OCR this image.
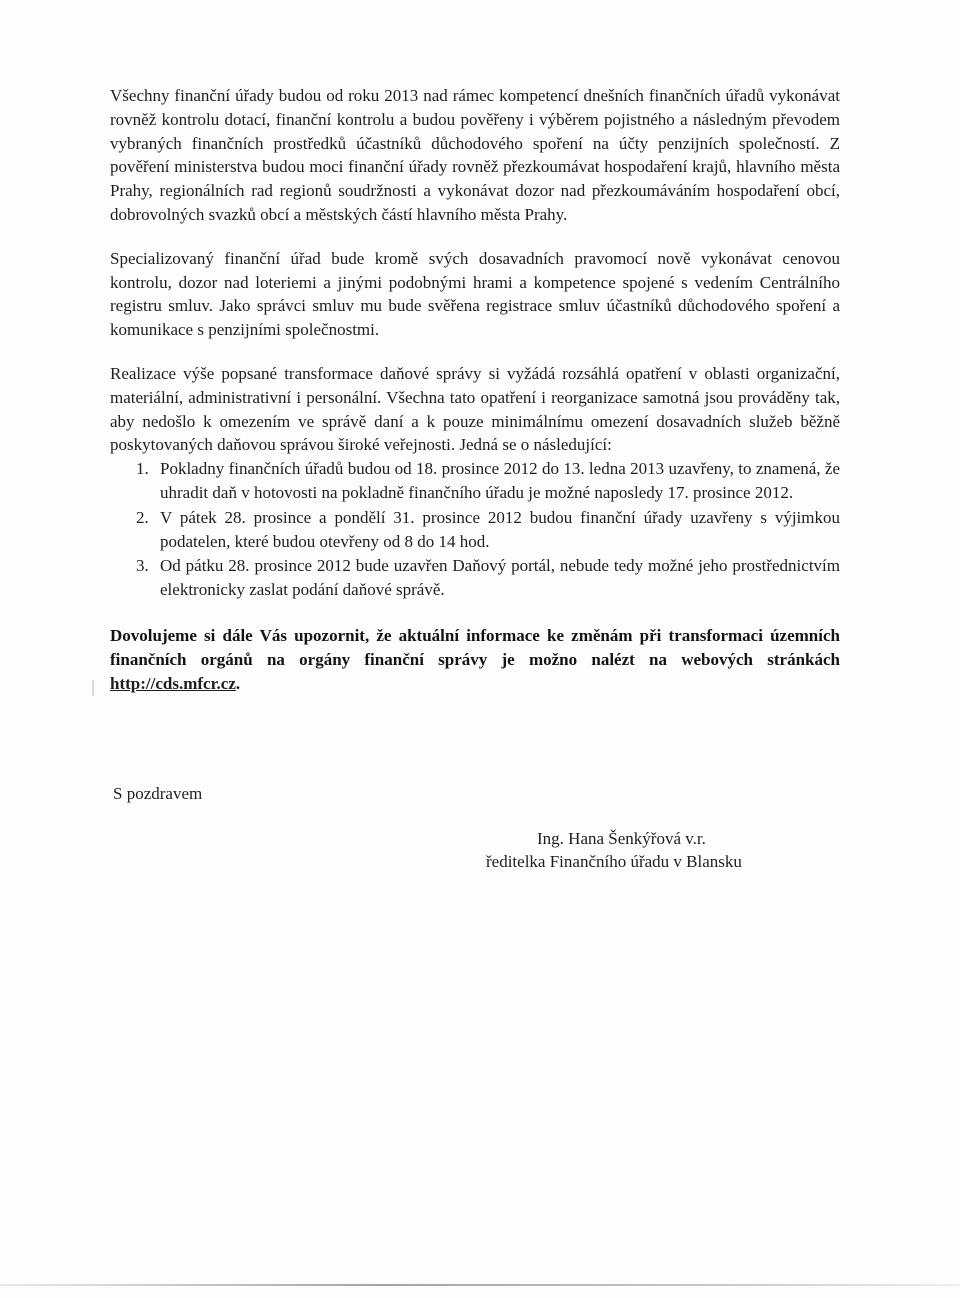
Všechny finanční úřady budou od roku 2013 nad rámec kompetencí dnešních finančních úřadů vykonávat rovněž kontrolu dotací, finanční kontrolu a budou pověřeny i výběrem pojistného a následným převodem vybraných finančních prostředků účastníků důchodového spoření na účty penzijních společností. Z pověření ministerstva budou moci finanční úřady rovněž přezkoumávat hospodaření krajů, hlavního města Prahy, regionálních rad regionů soudržnosti a vykonávat dozor nad přezkoumáváním hospodaření obcí, dobrovolných svazků obcí a městských částí hlavního města Prahy.

Specializovaný finanční úřad bude kromě svých dosavadních pravomocí nově vykonávat cenovou kontrolu, dozor nad loteriemi a jinými podobnými hrami a kompetence spojené s vedením Centrálního registru smluv. Jako správci smluv mu bude svěřena registrace smluv účastníků důchodového spoření a komunikace s penzijními společnostmi.

Realizace výše popsané transformace daňové správy si vyžádá rozsáhlá opatření v oblasti organizační, materiální, administrativní i personální. Všechna tato opatření i reorganizace samotná jsou prováděny tak, aby nedošlo k omezením ve správě daní a k pouze minimálnímu omezení dosavadních služeb běžně poskytovaných daňovou správou široké veřejnosti. Jedná se o následující:

1. Pokladny finančních úřadů budou od 18. prosince 2012 do 13. ledna 2013 uzavřeny, to znamená, že uhradit daň v hotovosti na pokladně finančního úřadu je možné naposledy 17. prosince 2012.
2. V pátek 28. prosince a pondělí 31. prosince 2012 budou finanční úřady uzavřeny s výjimkou podatelen, které budou otevřeny od 8 do 14 hod.
3. Od pátku 28. prosince 2012 bude uzavřen Daňový portál, nebude tedy možné jeho prostřednictvím elektronicky zaslat podání daňové správě.

Dovolujeme si dále Vás upozornit, že aktuální informace ke změnám při transformaci územních finančních orgánů na orgány finanční správy je možno nalézt na webových stránkách http://cds.mfcr.cz.

S pozdravem
Ing. Hana Šenkýřová v.r.
ředitelka Finančního úřadu v Blansku
